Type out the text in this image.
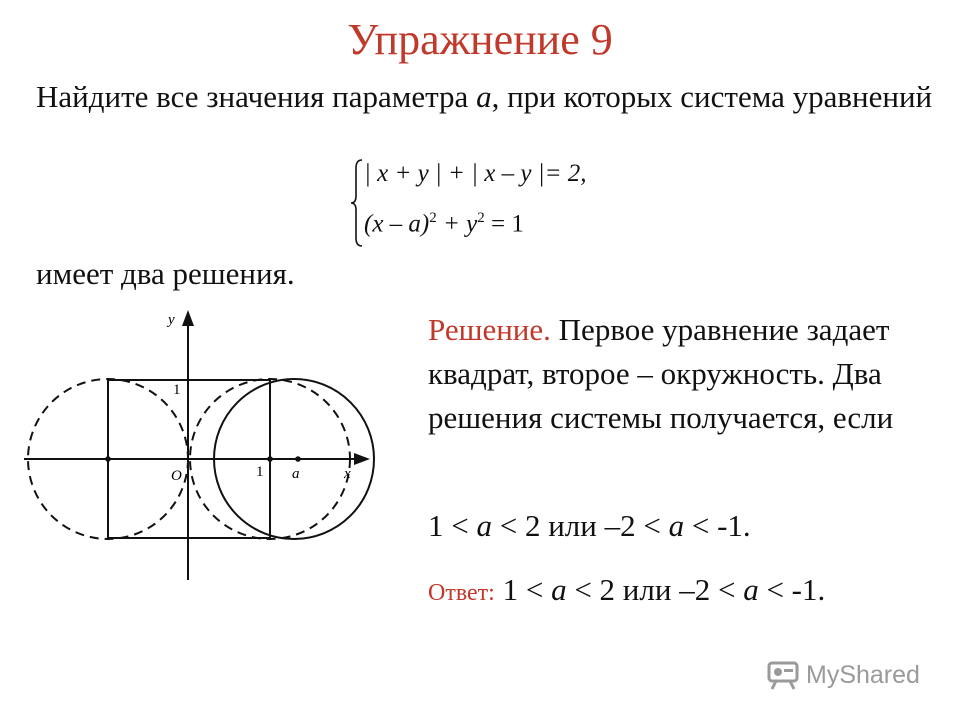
Упражнение 9
Найдите все значения параметра a, при которых система уравнений
| x + y | + | x – y |= 2,
$(x - a)^2 + y^2 = 1$
имеет два решения.
y
x
1
O	1 a
Решение. Первое уравнение задает квадрат, второе – окружность. Два решения системы получается, если
1 < a < 2 или –2 < a < -1.
Ответ: 1 < a < 2 или –2 < a < -1.
MyShared
